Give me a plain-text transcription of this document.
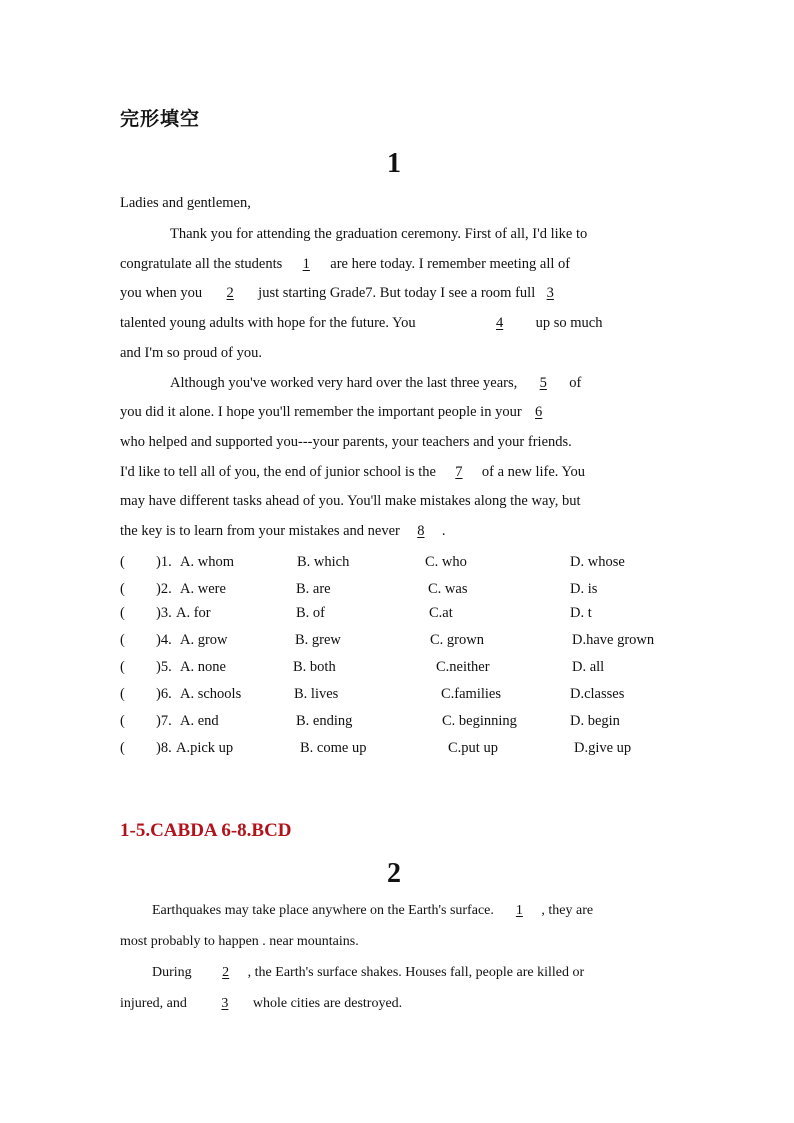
完形填空
1
Ladies and gentlemen,
Thank you for attending the graduation ceremony. First of all, I'd like to
congratulate all the students 1 are here today. I remember meeting all of
you when you 2 just starting Grade7. But today I see a room full 3
talented young adults with hope for the future. You	4 up so much
and I'm so proud of you.
Although you've worked very hard over the last three years, 5 of
you did it alone. I hope you'll remember the important people in your 6
who helped and supported you---your parents, your teachers and your friends.
I'd like to tell all of you, the end of junior school is the 7 of a new life. You
may have different tasks ahead of you. You'll make mistakes along the way, but
the key is to learn from your mistakes and never 8 .
( )1. A. whom	B. which	C. who	D. whose
( )2. A. were	B. are	C. was	D. is
( )3. A. for	B. of	C.at	D. t
( )4. A. grow	B. grew	C. grown	D.have grown
( )5. A. none	B. both	C.neither	D. all
( )6. A. schools	B. lives	C.families	D.classes
( )7. A. end	B. ending	C. beginning	D. begin
( )8. A.pick up	B. come up	C.put up	D.give up
1-5.CABDA 6-8.BCD
2
Earthquakes may take place anywhere on the Earth's surface. 1 , they are
most probably to happen . near mountains.
During 2 , the Earth's surface shakes. Houses fall, people are killed or
injured, and 3 whole cities are destroyed.
